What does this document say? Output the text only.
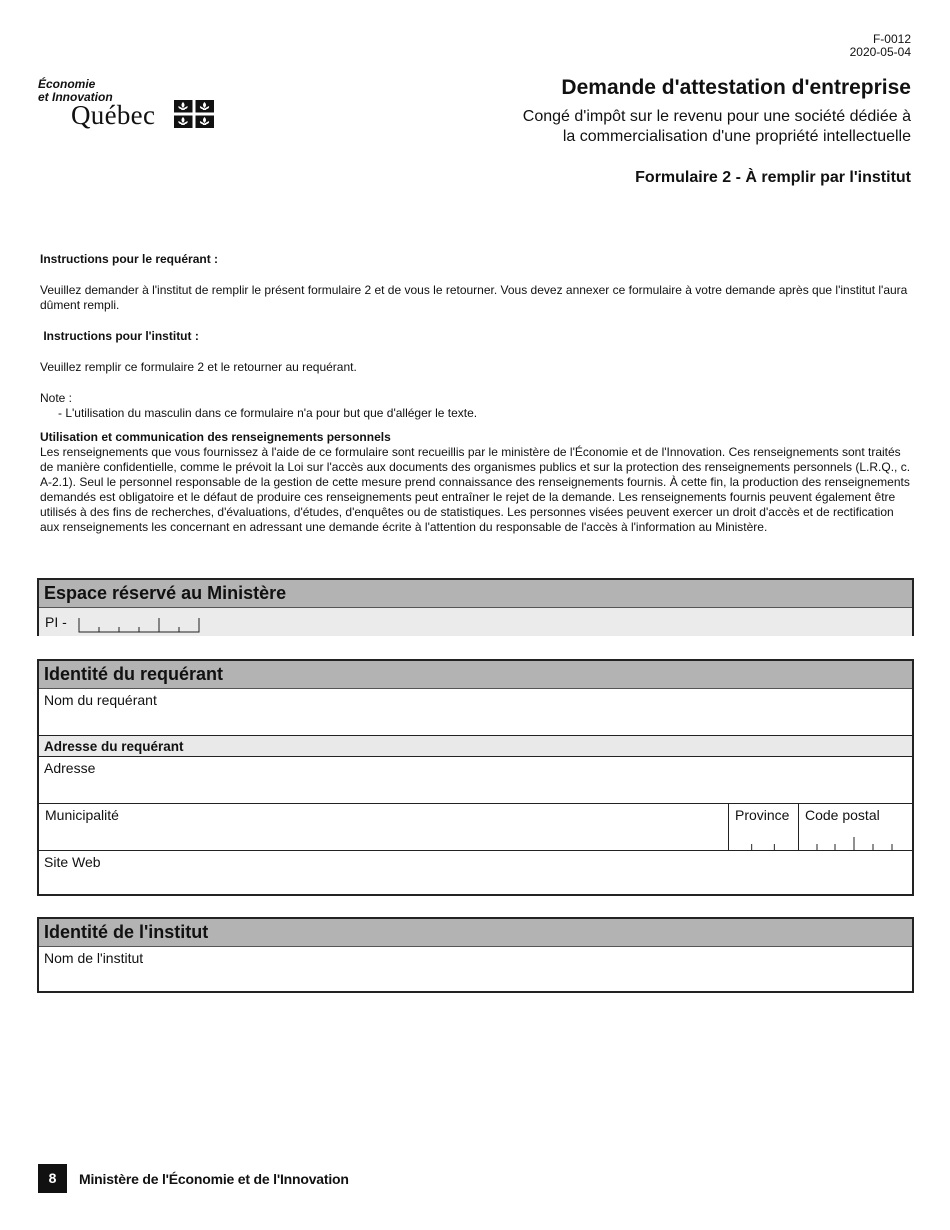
F-0012
2020-05-04
Économie
et Innovation
Québec
Demande d'attestation d'entreprise
Congé d'impôt sur le revenu pour une société dédiée à
la commercialisation d'une propriété intellectuelle
Formulaire 2 - À remplir par l'institut

Instructions pour le requérant :

Veuillez demander à l'institut de remplir le présent formulaire 2 et de vous le retourner. Vous devez annexer ce formulaire à votre demande après que l'institut l'aura dûment rempli.

Instructions pour l'institut :

Veuillez remplir ce formulaire 2 et le retourner au requérant.

Note :

- L'utilisation du masculin dans ce formulaire n'a pour but que d'alléger le texte.

Utilisation et communication des renseignements personnels

Les renseignements que vous fournissez à l'aide de ce formulaire sont recueillis par le ministère de l'Économie et de l'Innovation. Ces renseignements sont traités de manière confidentielle, comme le prévoit la Loi sur l'accès aux documents des organismes publics et sur la protection des renseignements personnels (L.R.Q., c. A-2.1). Seul le personnel responsable de la gestion de cette mesure prend connaissance des renseignements fournis. À cette fin, la production des renseignements demandés est obligatoire et le défaut de produire ces renseignements peut entraîner le rejet de la demande. Les renseignements fournis peuvent également être utilisés à des fins de recherches, d'évaluations, d'études, d'enquêtes ou de statistiques. Les personnes visées peuvent exercer un droit d'accès et de rectification aux renseignements les concernant en adressant une demande écrite à l'attention du responsable de l'accès à l'information au Ministère.

Espace réservé au Ministère
PI -
Identité du requérant
Nom du requérant
Adresse du requérant
Adresse
Municipalité	Province	Code postal
Site Web
Identité de l'institut
Nom de l'institut
8	Ministère de l'Économie et de l'Innovation
